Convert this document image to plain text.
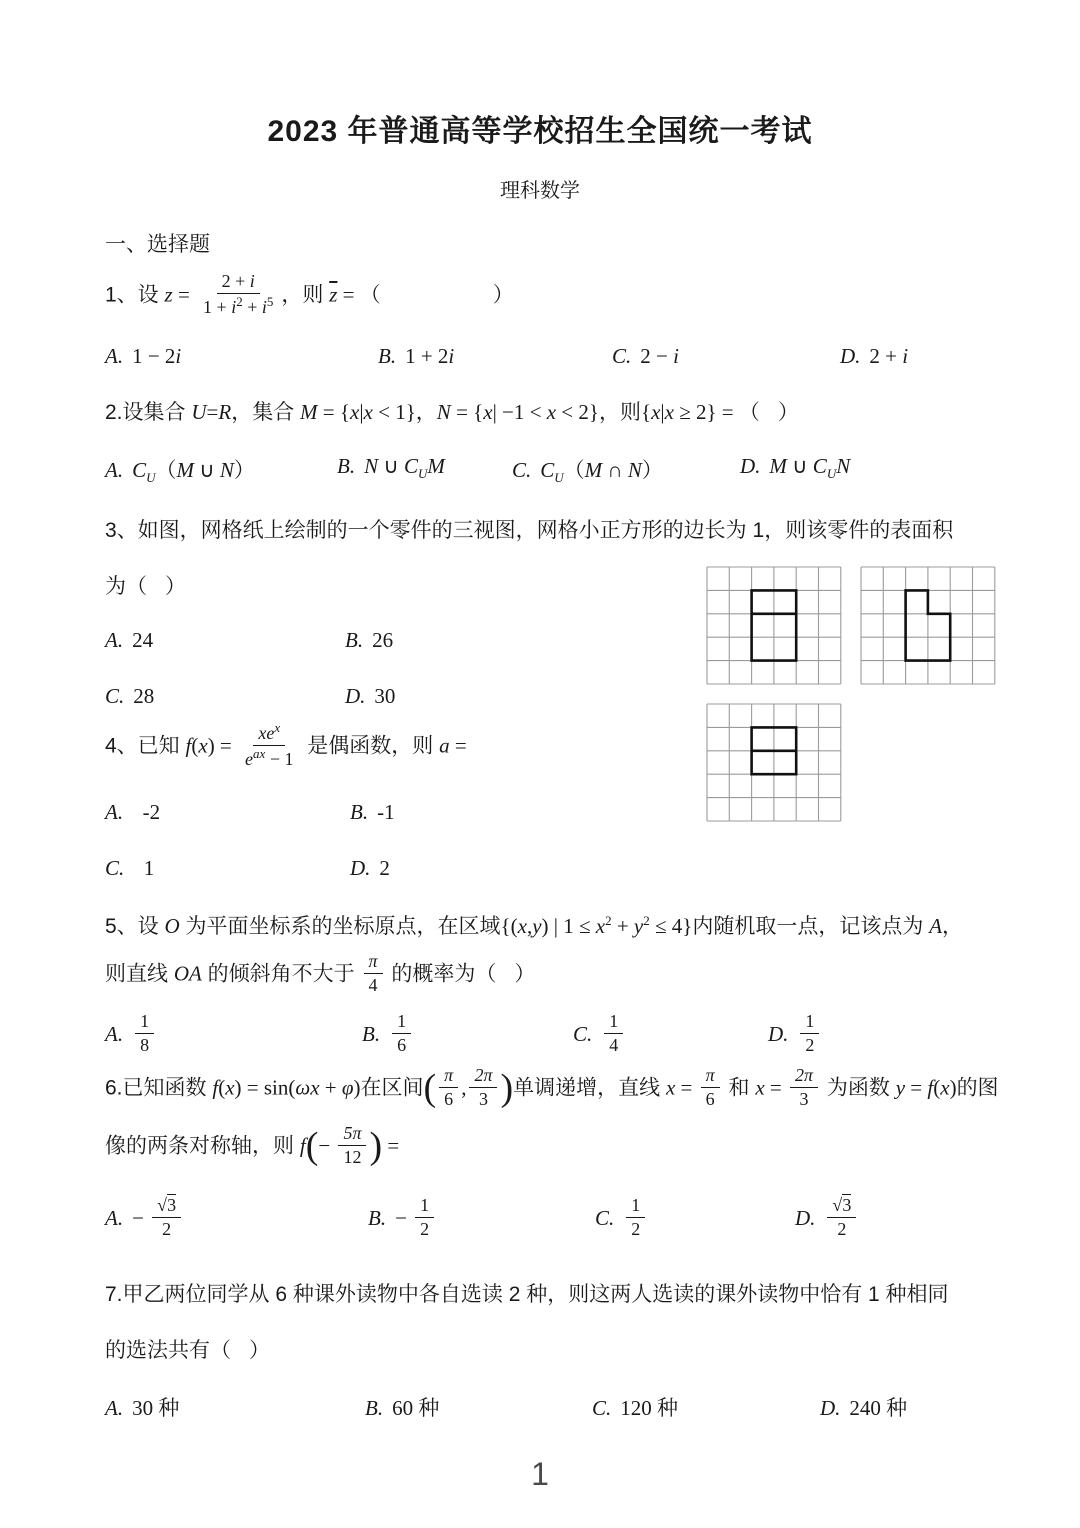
2023 年普通高等学校招生全国统一考试
理科数学
一、选择题
1、设 $z = \frac{2 + i}{1 + i^2 + i^5}$ ，则 $\overline{z}$ = （	）
A. 1 − 2i	B. 1 + 2i	C. 2 − i	D. 2 + i
2.设集合 U=R，集合 M = {x|x < 1}，N = {x| −1 < x < 2}，则{x|x ≥ 2} = （ ）
A. $C_U(M$ ∪ N）	B. N ∪ $C_UM$	C. $C_U(M$ ∩ N）	D. M ∪ $C_UN$
3、如图，网格纸上绘制的一个零件的三视图，网格小正方形的边长为 1，则该零件的表面积
为（ ）
A. 24	B. 26
C. 28	D. 30
4、已知 $f(x) = \frac{xe^x}{e^{ax} - 1}$ 是偶函数，则 a =
A.  -2	B. -1
C.  1	D. 2
5、设 O 为平面坐标系的坐标原点，在区域{(x,y) | $1 \le x^2 + y^2 \le 4$}内随机取一点，记该点为 A，
则直线 OA 的倾斜角不大于 $\frac{\pi}{4}$ 的概率为（ ）
A. $\frac{1}{8}$	B. $\frac{1}{6}$	C. $\frac{1}{4}$	D. $\frac{1}{2}$
6.已知函数 f(x) = sin(ωx + φ)在区间( $\frac{\pi}{6}$ , $\frac{2\pi}{3}$ )单调递增，直线 $x = \frac{\pi}{6}$ 和 $x = \frac{2\pi}{3}$ 为函数 y = f(x)的图
像的两条对称轴，则 $f(- \frac{5\pi}{12}$ ) =
A. − $\frac{√3}{2}$	B. − $\frac{1}{2}$	C. $\frac{1}{2}$	D. $\frac{√3}{2}$
7.甲乙两位同学从 6 种课外读物中各自选读 2 种，则这两人选读的课外读物中恰有 1 种相同
的选法共有（ ）
A. 30 种	B. 60 种	C. 120 种	D. 240 种
1
